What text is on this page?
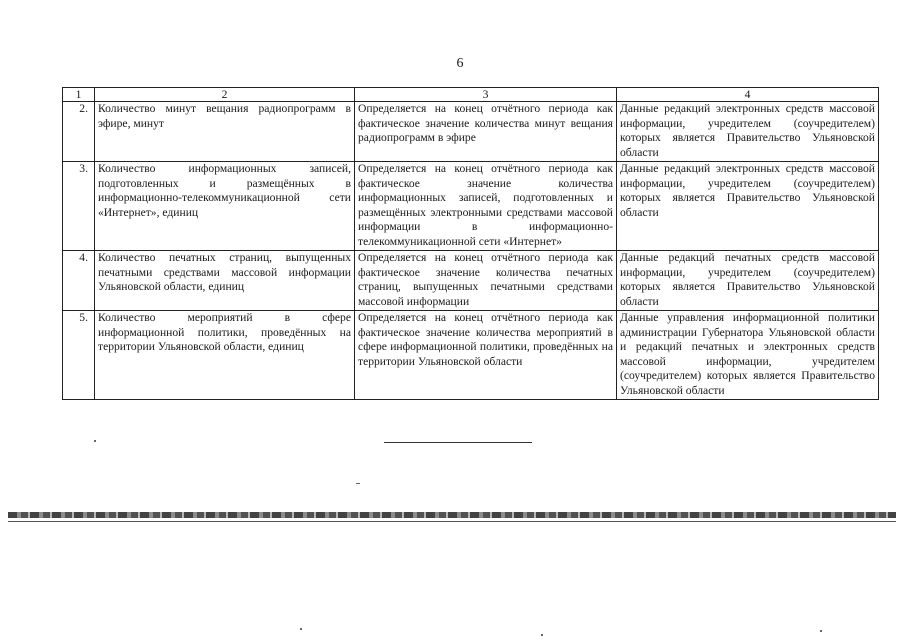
6
1	2	3	4
2.	Количество минут вещания радиопрограмм в эфире, минут	Определяется на конец отчётного периода как фактическое значение количества минут вещания радиопрограмм в эфире	Данные редакций электронных средств массовой информации, учредителем (соучредителем) которых является Правительство Ульяновской области
3.	Количество информационных записей, подготовленных и размещённых в информационно-телекоммуникационной сети «Интернет», единиц	Определяется на конец отчётного периода как фактическое значение количества информационных записей, подготовленных и размещённых электронными средствами массовой информации в информационно-телекоммуникационной сети «Интернет»	Данные редакций электронных средств массовой информации, учредителем (соучредителем) которых является Правительство Ульяновской области
4.	Количество печатных страниц, выпущенных печатными средствами массовой информации Ульяновской области, единиц	Определяется на конец отчётного периода как фактическое значение количества печатных страниц, выпущенных печатными средствами массовой информации	Данные редакций печатных средств массовой информации, учредителем (соучредителем) которых является Правительство Ульяновской области
5.	Количество мероприятий в сфере информационной политики, проведённых на территории Ульяновской области, единиц	Определяется на конец отчётного периода как фактическое значение количества мероприятий в сфере информационной политики, проведённых на территории Ульяновской области	Данные управления информационной политики администрации Губернатора Ульяновской области и редакций печатных и электронных средств массовой информации, учредителем (соучредителем) которых является Правительство Ульяновской области
